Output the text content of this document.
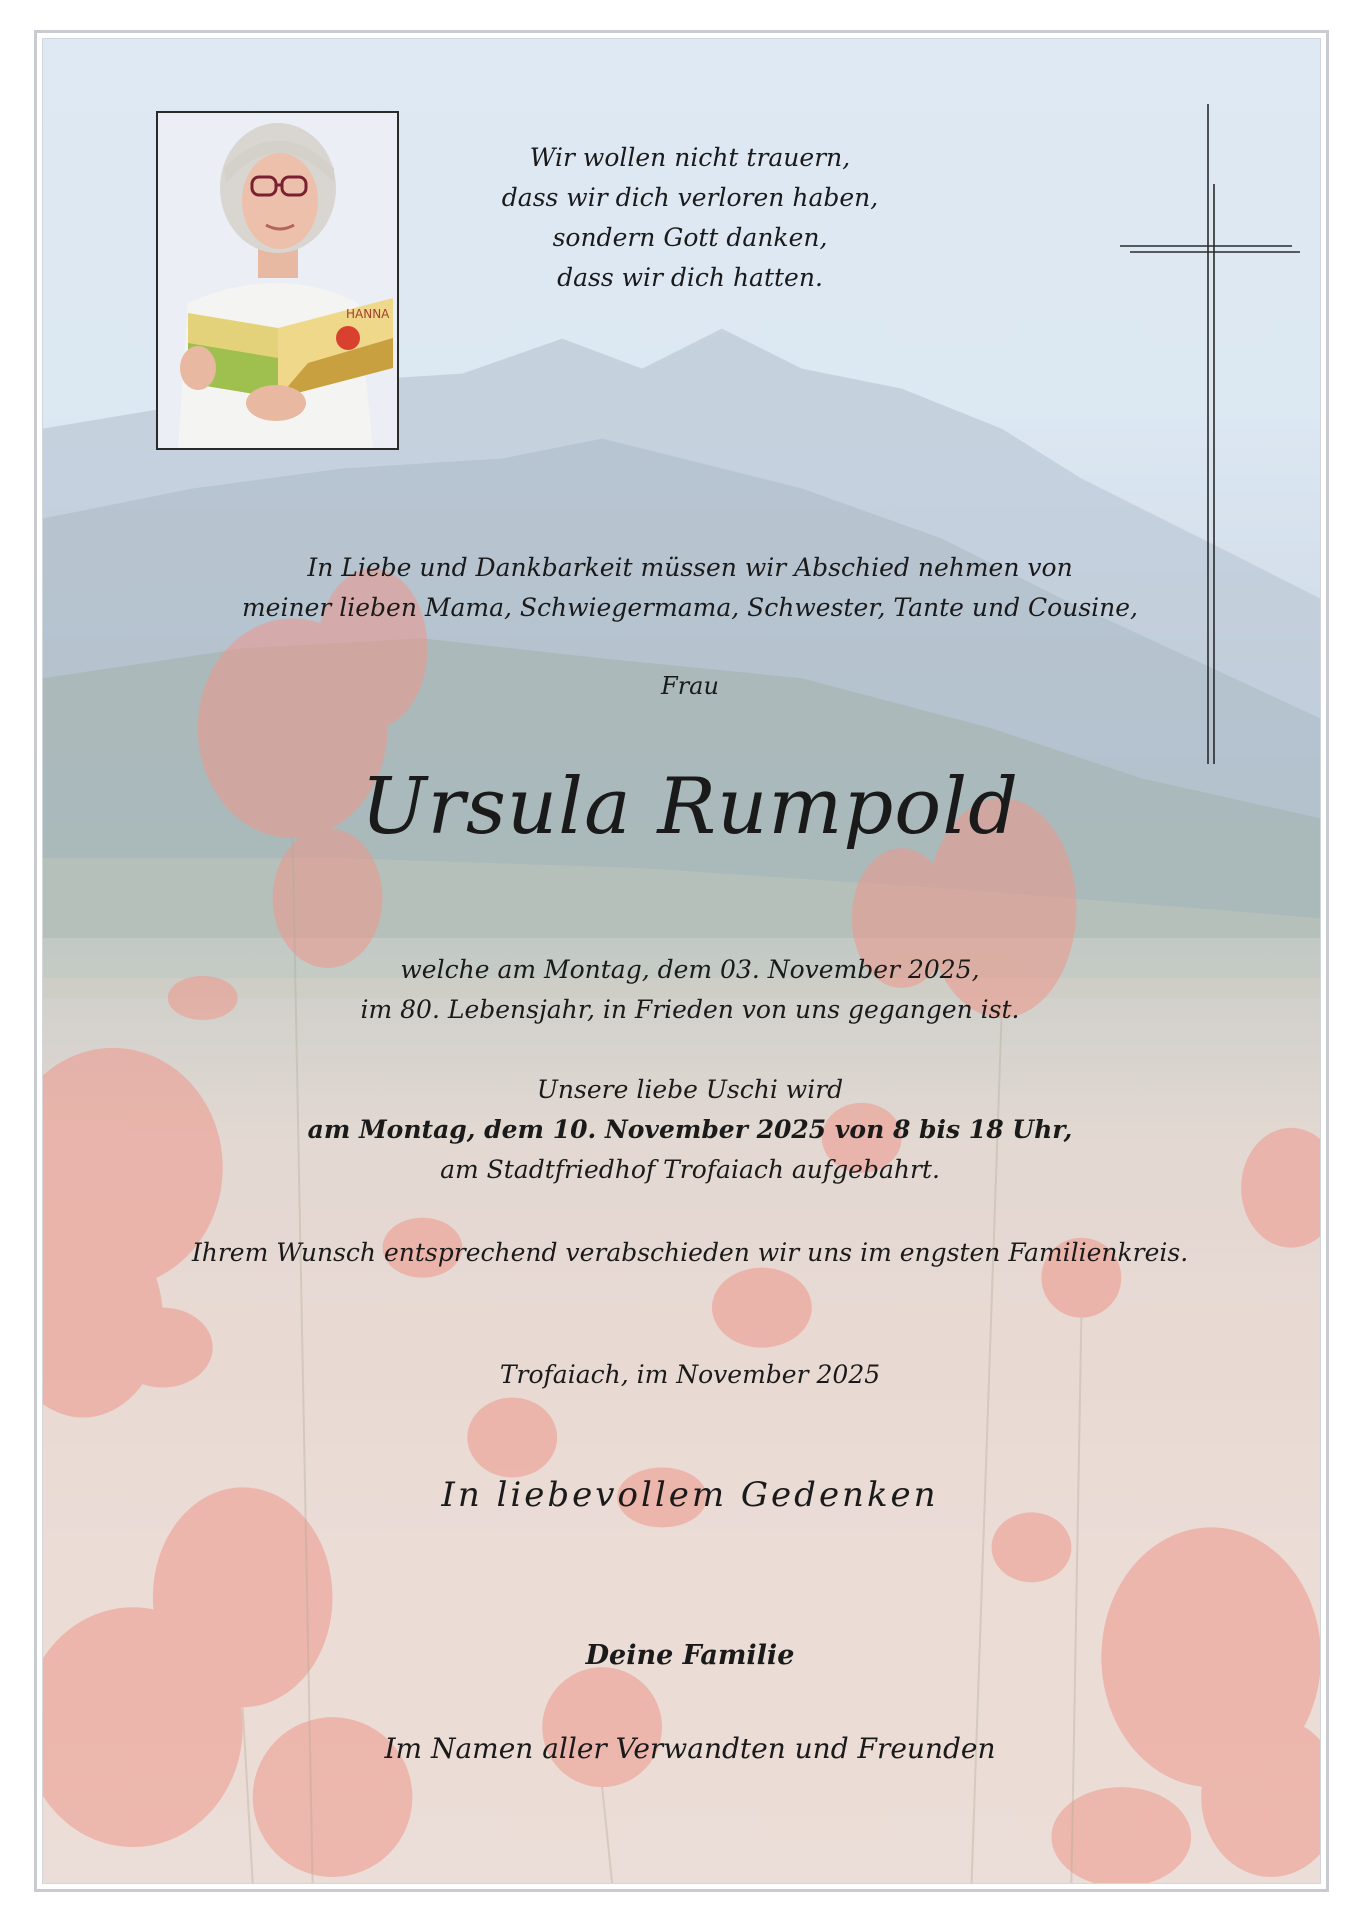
HANNA
Wir wollen nicht trauern,
dass wir dich verloren haben,
sondern Gott danken,
dass wir dich hatten.
In Liebe und Dankbarkeit müssen wir Abschied nehmen von
meiner lieben Mama, Schwiegermama, Schwester, Tante und Cousine,
Frau
Ursula Rumpold
welche am Montag, dem 03. November 2025,
im 80. Lebensjahr, in Frieden von uns gegangen ist.
Unsere liebe Uschi wird
am Montag, dem 10. November 2025 von 8 bis 18 Uhr,
am Stadtfriedhof Trofaiach aufgebahrt.
Ihrem Wunsch entsprechend verabschieden wir uns im engsten Familienkreis.
Trofaiach, im November 2025
In liebevollem Gedenken
Deine Familie
Im Namen aller Verwandten und Freunden
